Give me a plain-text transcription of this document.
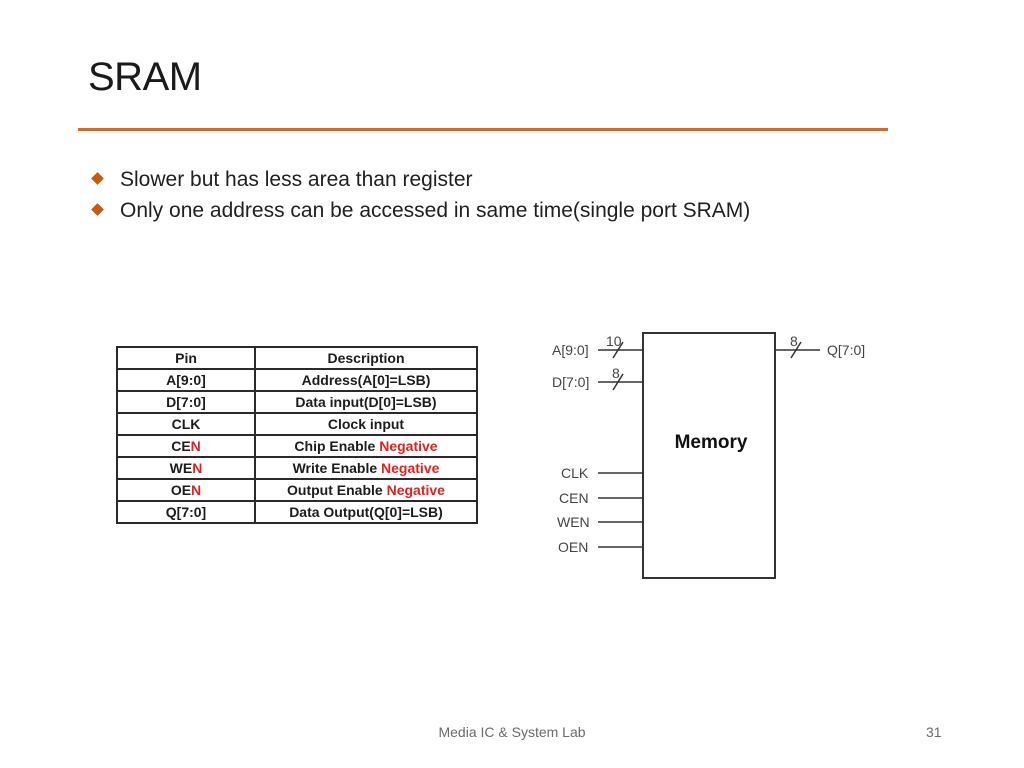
SRAM
Slower but has less area than register
Only one address can be accessed in same time(single port SRAM)
Pin	Description
A[9:0]	Address(A[0]=LSB)
D[7:0]	Data input(D[0]=LSB)
CLK	Clock input
CEN	Chip Enable Negative
WEN	Write Enable Negative
OEN	Output Enable Negative
Q[7:0]	Data Output(Q[0]=LSB)
Memory
A[9:0]
10
D[7:0]
8
CLK
CEN
WEN
OEN
8
Q[7:0]
Media IC & System Lab	31
